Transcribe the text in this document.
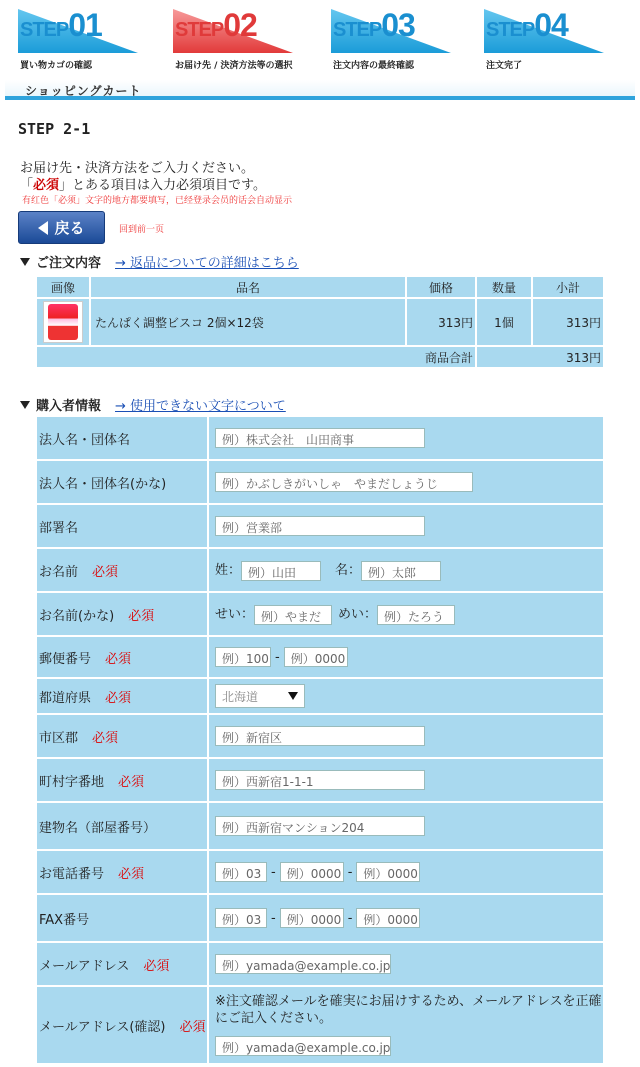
STEP01
買い物カゴの確認
STEP02
お届け先 / 決済方法等の選択
STEP03
注文内容の最終確認
STEP04
注文完了
ショッピングカート
STEP 2-1
お届け先・決済方法をご入力ください。
「必須」とある項目は入力必須項目です。
有红色「必须」文字的地方都要填写，已经登录会员的话会自动显示
戻る	回到前一页
ご注文内容 → 返品についての詳細はこちら
画像	品名	価格	数量	小計

	たんぱく調整ビスコ 2個×12袋	313円	1個	313円
商品合計			313円	
購入者情報 → 使用できない文字について
法人名・団体名	例）株式会社　山田商事
法人名・団体名(かな)	例）かぶしきがいしゃ　やまだしょうじ
部署名	例）営業部
お名前 必須	姓： 例）山田 名： 例）太郎
お名前(かな) 必須	せい： 例）やまだ めい： 例）たろう
郵便番号 必須	例）100 - 例）0000
都道府県 必須	北海道

市区郡 必須	例）新宿区
町村字番地 必須	例）西新宿1-1-1
建物名（部屋番号）	例）西新宿マンション204
お電話番号 必須	例）03 - 例）0000 - 例）0000
FAX番号	例）03 - 例）0000 - 例）0000
メールアドレス 必須	例）yamada@example.co.jp
メールアドレス(確認) 必須	※注文確認メールを確実にお届けするため、メールアドレスを正確にご記入ください。
例）yamada@example.co.jp
